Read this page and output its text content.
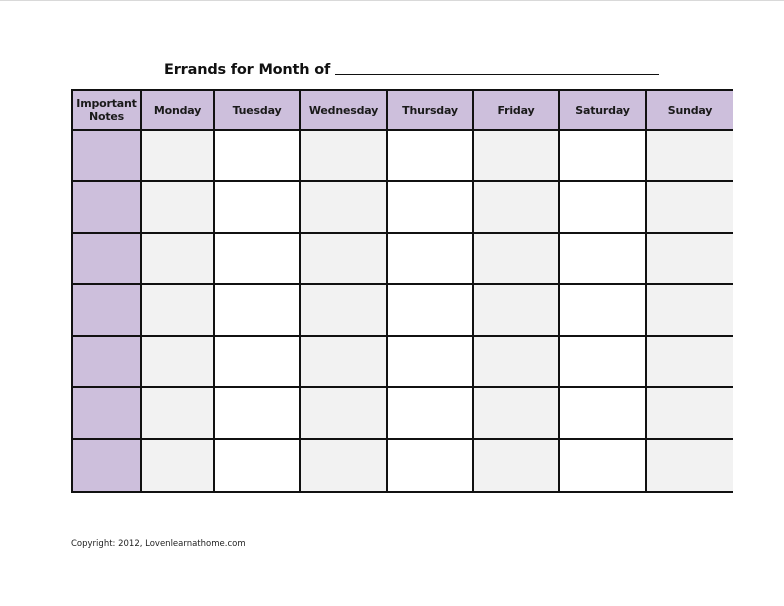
Errands for Month of
Important Notes	Monday	Tuesday	Wednesday	Thursday	Friday	Saturday	Sunday
Copyright: 2012, Lovenlearnathome.com
